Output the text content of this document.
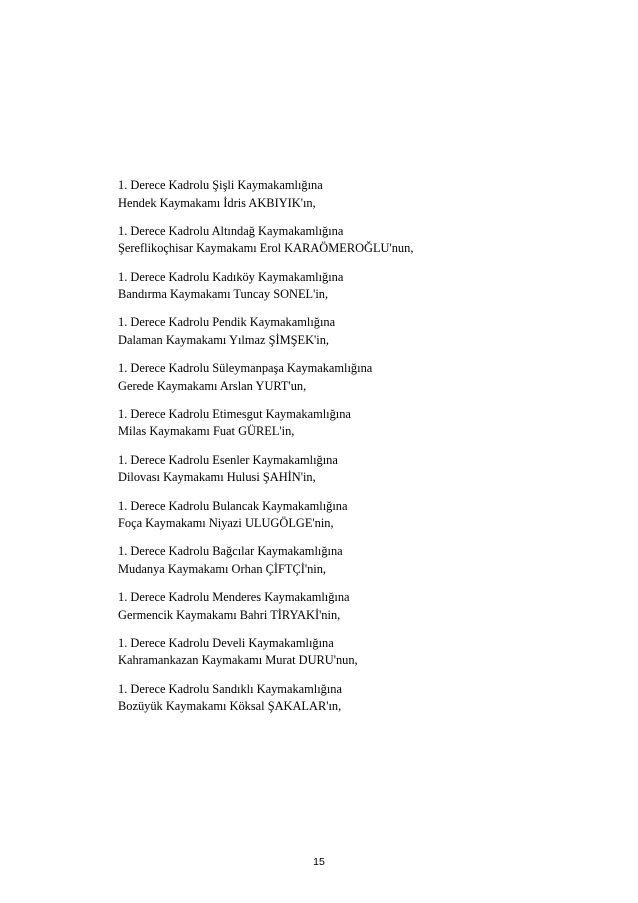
1. Derece Kadrolu Şişli Kaymakamlığına
Hendek Kaymakamı İdris AKBIYIK'ın,
1. Derece Kadrolu Altındağ Kaymakamlığına
Şereflikoçhisar Kaymakamı Erol KARAÖMEROĞLU'nun,
1. Derece Kadrolu Kadıköy Kaymakamlığına
Bandırma Kaymakamı Tuncay SONEL'in,
1. Derece Kadrolu Pendik Kaymakamlığına
Dalaman Kaymakamı Yılmaz ŞİMŞEK'in,
1. Derece Kadrolu Süleymanpaşa Kaymakamlığına
Gerede Kaymakamı Arslan YURT'un,
1. Derece Kadrolu Etimesgut Kaymakamlığına
Milas Kaymakamı Fuat GÜREL'in,
1. Derece Kadrolu Esenler Kaymakamlığına
Dilovası Kaymakamı Hulusi ŞAHİN'in,
1. Derece Kadrolu Bulancak Kaymakamlığına
Foça Kaymakamı Niyazi ULUGÖLGE'nin,
1. Derece Kadrolu Bağcılar Kaymakamlığına
Mudanya Kaymakamı Orhan ÇİFTÇİ'nin,
1. Derece Kadrolu Menderes Kaymakamlığına
Germencik Kaymakamı Bahri TİRYAKİ'nin,
1. Derece Kadrolu Develi Kaymakamlığına
Kahramankazan Kaymakamı Murat DURU'nun,
1. Derece Kadrolu Sandıklı Kaymakamlığına
Bozüyük Kaymakamı Köksal ŞAKALAR'ın,
15
